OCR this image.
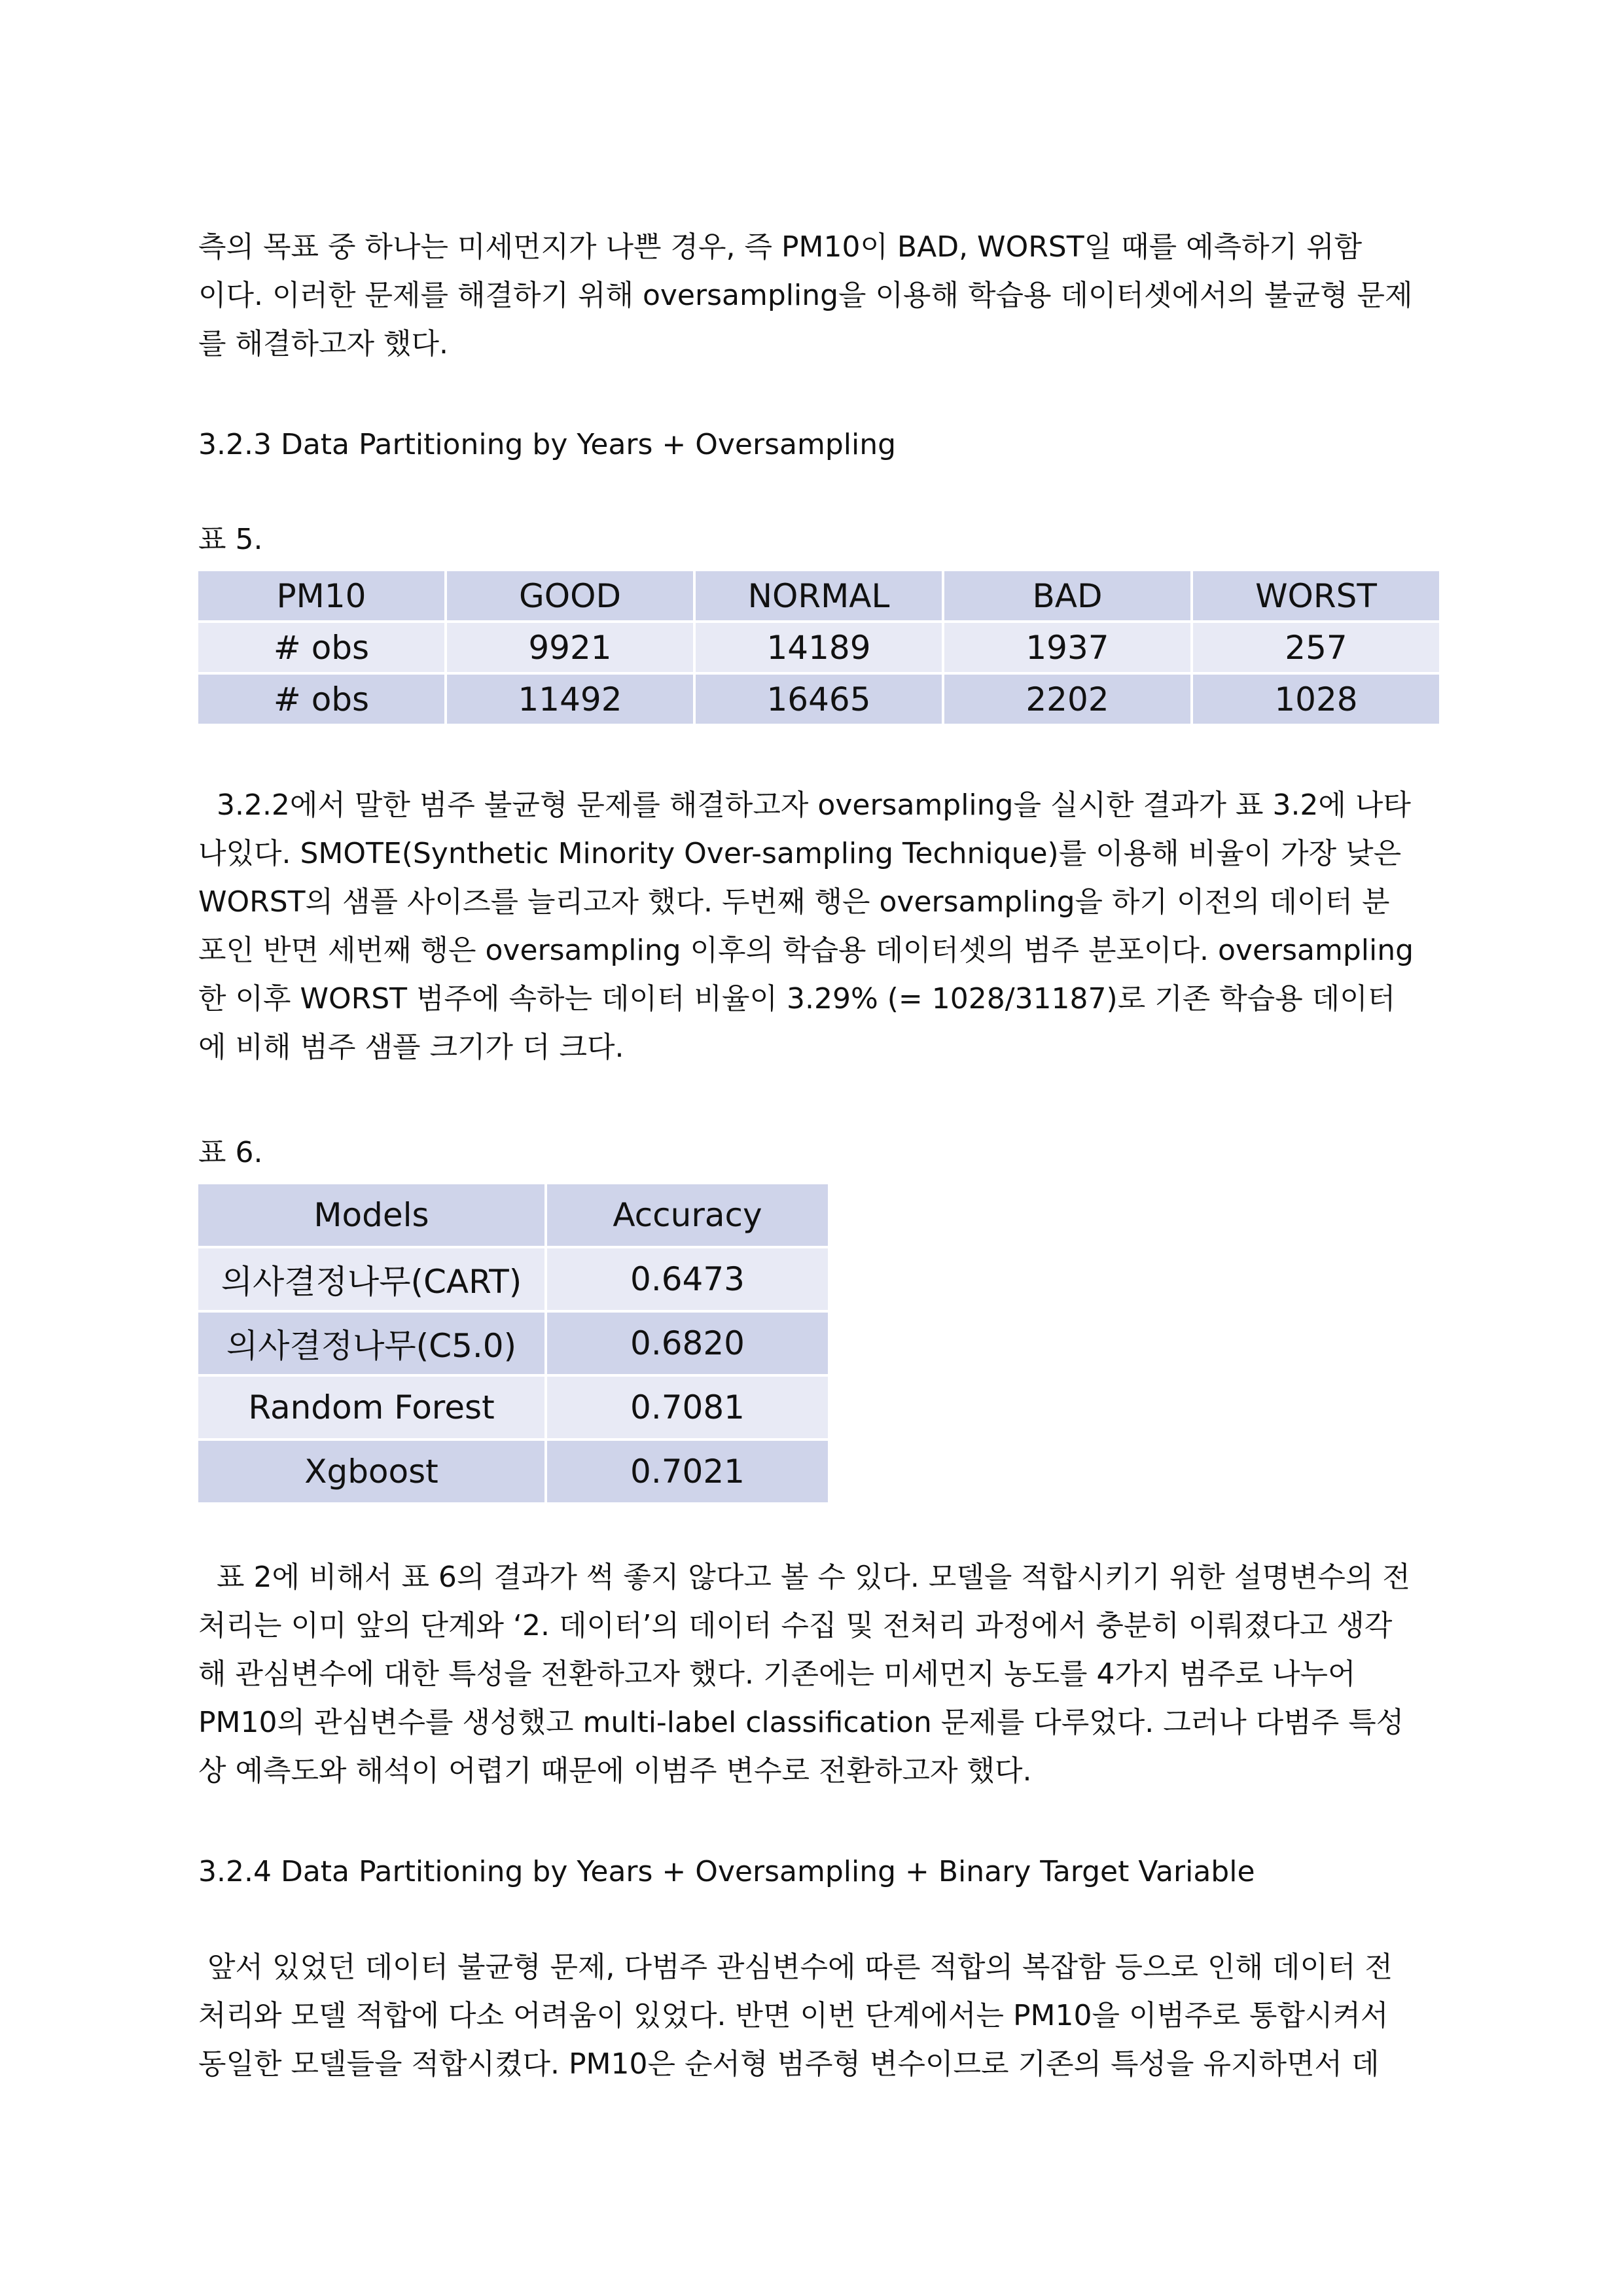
측의 목표 중 하나는 미세먼지가 나쁜 경우, 즉 PM10이 BAD, WORST일 때를 예측하기 위함
이다. 이러한 문제를 해결하기 위해 oversampling을 이용해 학습용 데이터셋에서의 불균형 문제
를 해결하고자 했다.
3.2.3 Data Partitioning by Years + Oversampling
표 5.
PM10	GOOD	NORMAL	BAD	WORST
# obs	9921	14189	1937	257
# obs	11492	16465	2202	1028
3.2.2에서 말한 범주 불균형 문제를 해결하고자 oversampling을 실시한 결과가 표 3.2에 나타
나있다. SMOTE(Synthetic Minority Over-sampling Technique)를 이용해 비율이 가장 낮은
WORST의 샘플 사이즈를 늘리고자 했다. 두번째 행은 oversampling을 하기 이전의 데이터 분
포인 반면 세번째 행은 oversampling 이후의 학습용 데이터셋의 범주 분포이다. oversampling
한 이후 WORST 범주에 속하는 데이터 비율이 3.29% (= 1028/31187)로 기존 학습용 데이터
에 비해 범주 샘플 크기가 더 크다.
표 6.
Models	Accuracy
의사결정나무(CART)	0.6473
의사결정나무(C5.0)	0.6820
Random Forest	0.7081
Xgboost	0.7021
표 2에 비해서 표 6의 결과가 썩 좋지 않다고 볼 수 있다. 모델을 적합시키기 위한 설명변수의 전
처리는 이미 앞의 단계와 ‘2. 데이터’의 데이터 수집 및 전처리 과정에서 충분히 이뤄졌다고 생각
해 관심변수에 대한 특성을 전환하고자 했다. 기존에는 미세먼지 농도를 4가지 범주로 나누어
PM10의 관심변수를 생성했고 multi-label classification 문제를 다루었다. 그러나 다범주 특성
상 예측도와 해석이 어렵기 때문에 이범주 변수로 전환하고자 했다.
3.2.4 Data Partitioning by Years + Oversampling + Binary Target Variable
앞서 있었던 데이터 불균형 문제, 다범주 관심변수에 따른 적합의 복잡함 등으로 인해 데이터 전
처리와 모델 적합에 다소 어려움이 있었다. 반면 이번 단계에서는 PM10을 이범주로 통합시켜서
동일한 모델들을 적합시켰다. PM10은 순서형 범주형 변수이므로 기존의 특성을 유지하면서 데
